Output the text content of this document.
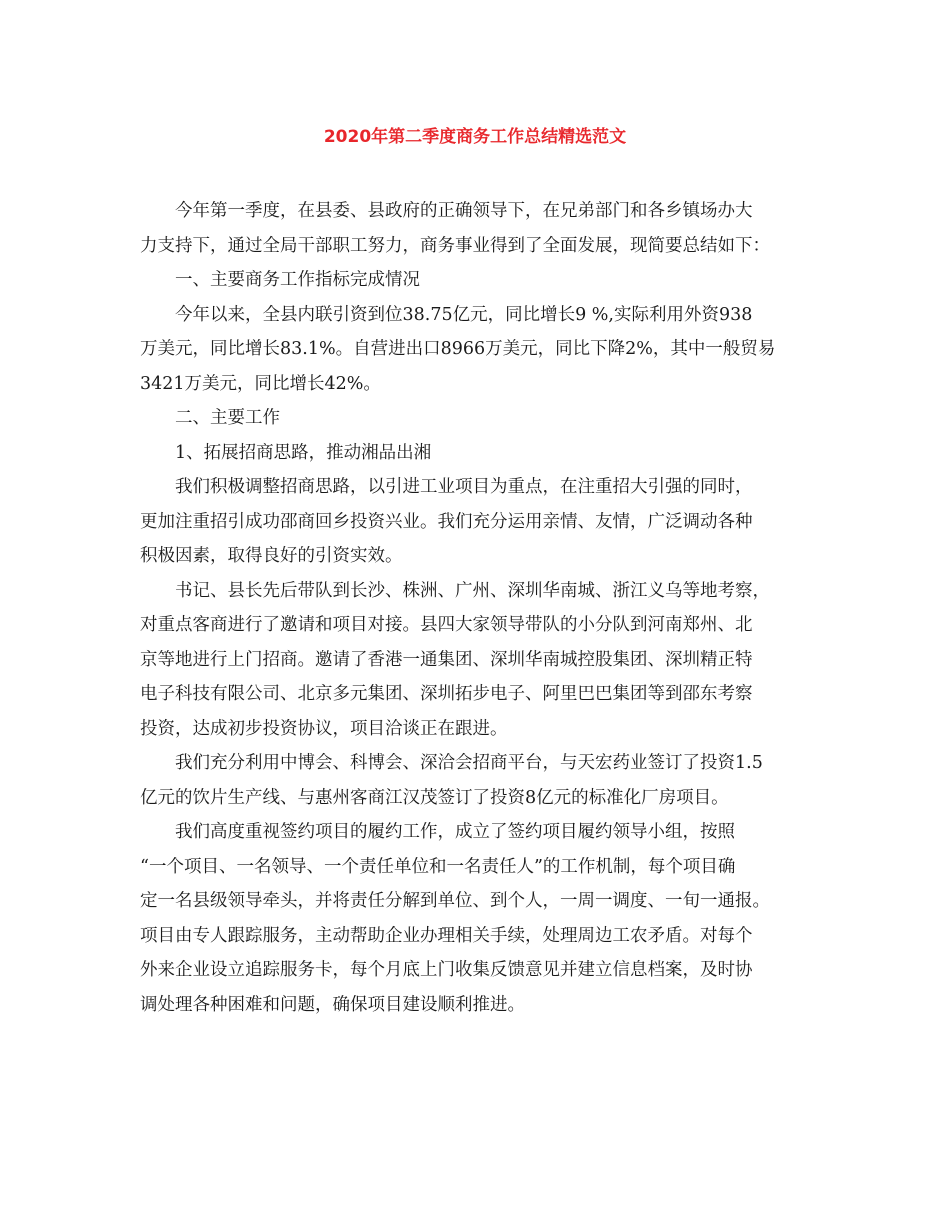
2020年第二季度商务工作总结精选范文

今年第一季度，在县委、县政府的正确领导下，在兄弟部门和各乡镇场办大
力支持下，通过全局干部职工努力，商务事业得到了全面发展，现简要总结如下：

一、主要商务工作指标完成情况

今年以来，全县内联引资到位38.75亿元，同比增长9 %,实际利用外资938
万美元，同比增长83.1%。自营进出口8966万美元，同比下降2%，其中一般贸易
3421万美元，同比增长42%。

二、主要工作

1、拓展招商思路，推动湘品出湘

我们积极调整招商思路，以引进工业项目为重点，在注重招大引强的同时，
更加注重招引成功邵商回乡投资兴业。我们充分运用亲情、友情，广泛调动各种
积极因素，取得良好的引资实效。

书记、县长先后带队到长沙、株洲、广州、深圳华南城、浙江义乌等地考察，
对重点客商进行了邀请和项目对接。县四大家领导带队的小分队到河南郑州、北
京等地进行上门招商。邀请了香港一通集团、深圳华南城控股集团、深圳精正特
电子科技有限公司、北京多元集团、深圳拓步电子、阿里巴巴集团等到邵东考察
投资，达成初步投资协议，项目洽谈正在跟进。

我们充分利用中博会、科博会、深洽会招商平台，与天宏药业签订了投资1.5
亿元的饮片生产线、与惠州客商江汉茂签订了投资8亿元的标准化厂房项目。

我们高度重视签约项目的履约工作，成立了签约项目履约领导小组，按照
“一个项目、一名领导、一个责任单位和一名责任人”的工作机制，每个项目确
定一名县级领导牵头，并将责任分解到单位、到个人，一周一调度、一旬一通报。
项目由专人跟踪服务，主动帮助企业办理相关手续，处理周边工农矛盾。对每个
外来企业设立追踪服务卡，每个月底上门收集反馈意见并建立信息档案，及时协
调处理各种困难和问题，确保项目建设顺利推进。
